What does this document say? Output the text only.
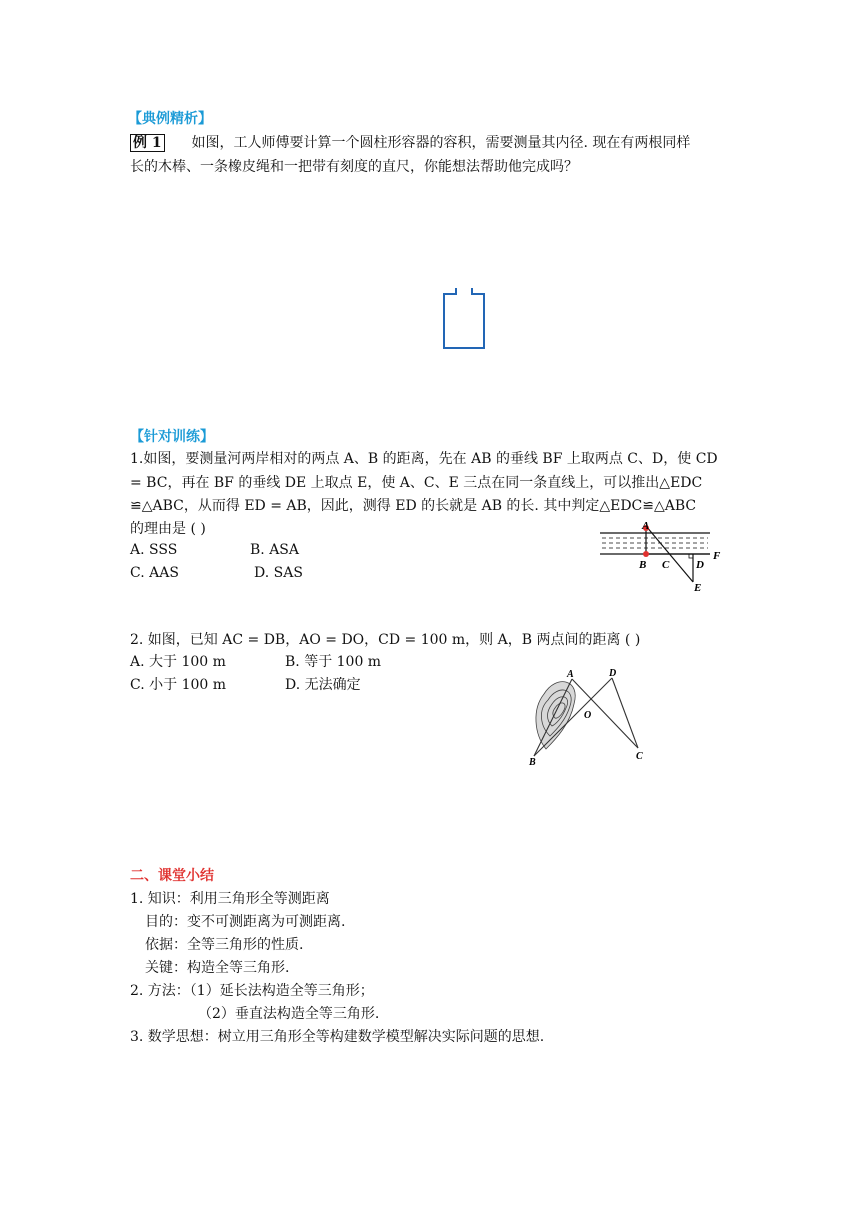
【典例精析】
例 1 如图，工人师傅要计算一个圆柱形容器的容积，需要测量其内径. 现在有两根同样
长的木棒、一条橡皮绳和一把带有刻度的直尺，你能想法帮助他完成吗？
【针对训练】
1.如图，要测量河两岸相对的两点 A、B 的距离，先在 AB 的垂线 BF 上取两点 C、D，使 CD
= BC，再在 BF 的垂线 DE 上取点 E，使 A、C、E 三点在同一条直线上，可以推出△EDC
≌△ABC，从而得 ED = AB，因此，测得 ED 的长就是 AB 的长. 其中判定△EDC≌△ABC
的理由是 ( )
A. SSS	B. ASA
C. AAS	D. SAS
A
B C D
E
F
2. 如图，已知 AC = DB，AO = DO，CD = 100 m，则 A，B 两点间的距离 ( )
A. 大于 100 m	B. 等于 100 m
C. 小于 100 m	D. 无法确定
A	D
O
B
C
二、课堂小结
1. 知识：利用三角形全等测距离
目的：变不可测距离为可测距离.
依据：全等三角形的性质.
关键：构造全等三角形.
2. 方法：（1）延长法构造全等三角形；
（2）垂直法构造全等三角形.
3. 数学思想：树立用三角形全等构建数学模型解决实际问题的思想.
